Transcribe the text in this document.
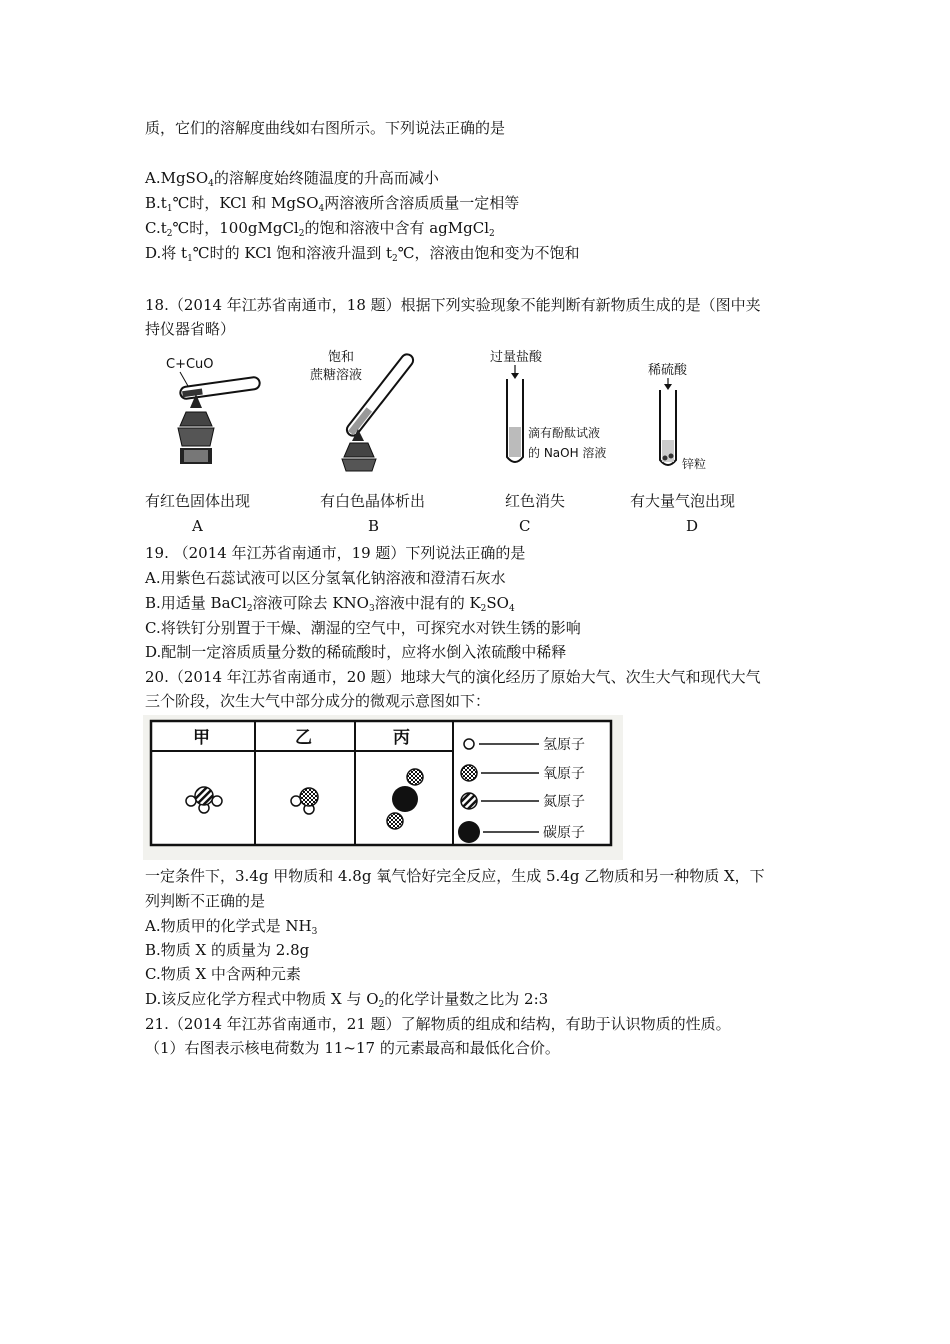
质，它们的溶解度曲线如右图所示。下列说法正确的是
A.MgSO$_4$的溶解度始终随温度的升高而减小
$B.t_1℃$时，KCl 和 MgSO$_4$两溶液所含溶质质量一定相等
$C.t_2℃$时，100gMgCl$_2$的饱和溶液中含有 agMgCl$_2$
D.将 $t_1℃$时的 KCl 饱和溶液升温到 $t_2℃$，溶液由饱和变为不饱和
18.（2014 年江苏省南通市，18 题）根据下列实验现象不能判断有新物质生成的是（图中夹
持仪器省略）
C+CuO
有红色固体出现
A
饱和
蔗糖溶液
有白色晶体析出
B
过量盐酸
滴有酚酞试液
的 NaOH 溶液
红色消失
C
稀硫酸
锌粒
有大量气泡出现
D
19. （2014 年江苏省南通市，19 题）下列说法正确的是
A.用紫色石蕊试液可以区分氢氧化钠溶液和澄清石灰水
B.用适量 BaCl$_2$溶液可除去 $KNO_3$溶液中混有的 $K_2SO_4$
C.将铁钉分别置于干燥、潮湿的空气中，可探究水对铁生锈的影响
D.配制一定溶质质量分数的稀硫酸时，应将水倒入浓硫酸中稀释
20.（2014 年江苏省南通市，20 题）地球大气的演化经历了原始大气、次生大气和现代大气
三个阶段，次生大气中部分成分的微观示意图如下：
甲	乙	丙	氢原子
氧原子
氮原子
碳原子
一定条件下，3.4g 甲物质和 4.8g 氧气恰好完全反应，生成 5.4g 乙物质和另一种物质 X，下
列判断不正确的是
A.物质甲的化学式是 $NH_3$
B.物质 X 的质量为 2.8g
C.物质 X 中含两种元素
D.该反应化学方程式中物质 X 与 $O_2$的化学计量数之比为 2:3
21.（2014 年江苏省南通市，21 题）了解物质的组成和结构，有助于认识物质的性质。
（1）右图表示核电荷数为 11~17 的元素最高和最低化合价。
